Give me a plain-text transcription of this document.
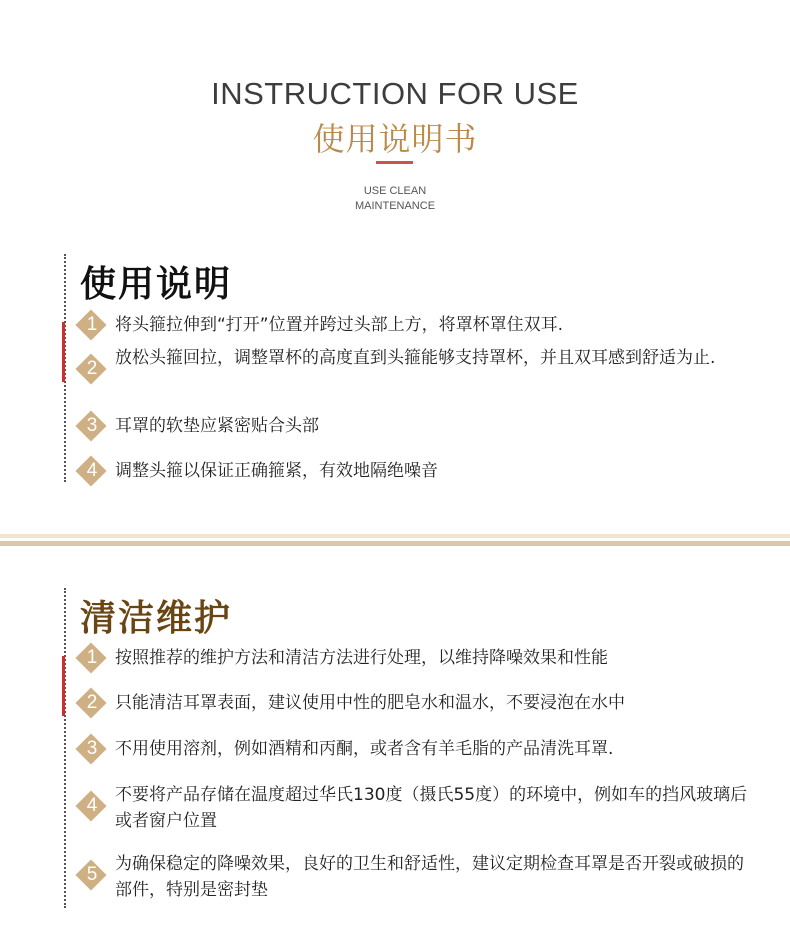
INSTRUCTION FOR USE
使用说明书
USE CLEAN
MAINTENANCE
使用说明
1	将头箍拉伸到“打开”位置并跨过头部上方，将罩杯罩住双耳.
2	放松头箍回拉，调整罩杯的高度直到头箍能够支持罩杯，并且双耳感到舒适为止.
3	耳罩的软垫应紧密贴合头部
4	调整头箍以保证正确箍紧，有效地隔绝噪音
清洁维护
1	按照推荐的维护方法和清洁方法进行处理，以维持降噪效果和性能
2	只能清洁耳罩表面，建议使用中性的肥皂水和温水，不要浸泡在水中
3	不用使用溶剂，例如酒精和丙酮，或者含有羊毛脂的产品清洗耳罩.
4	不要将产品存储在温度超过华氏130度（摄氏55度）的环境中，例如车的挡风玻璃后或者窗户位置
5	为确保稳定的降噪效果，良好的卫生和舒适性，建议定期检查耳罩是否开裂或破损的部件，特别是密封垫
